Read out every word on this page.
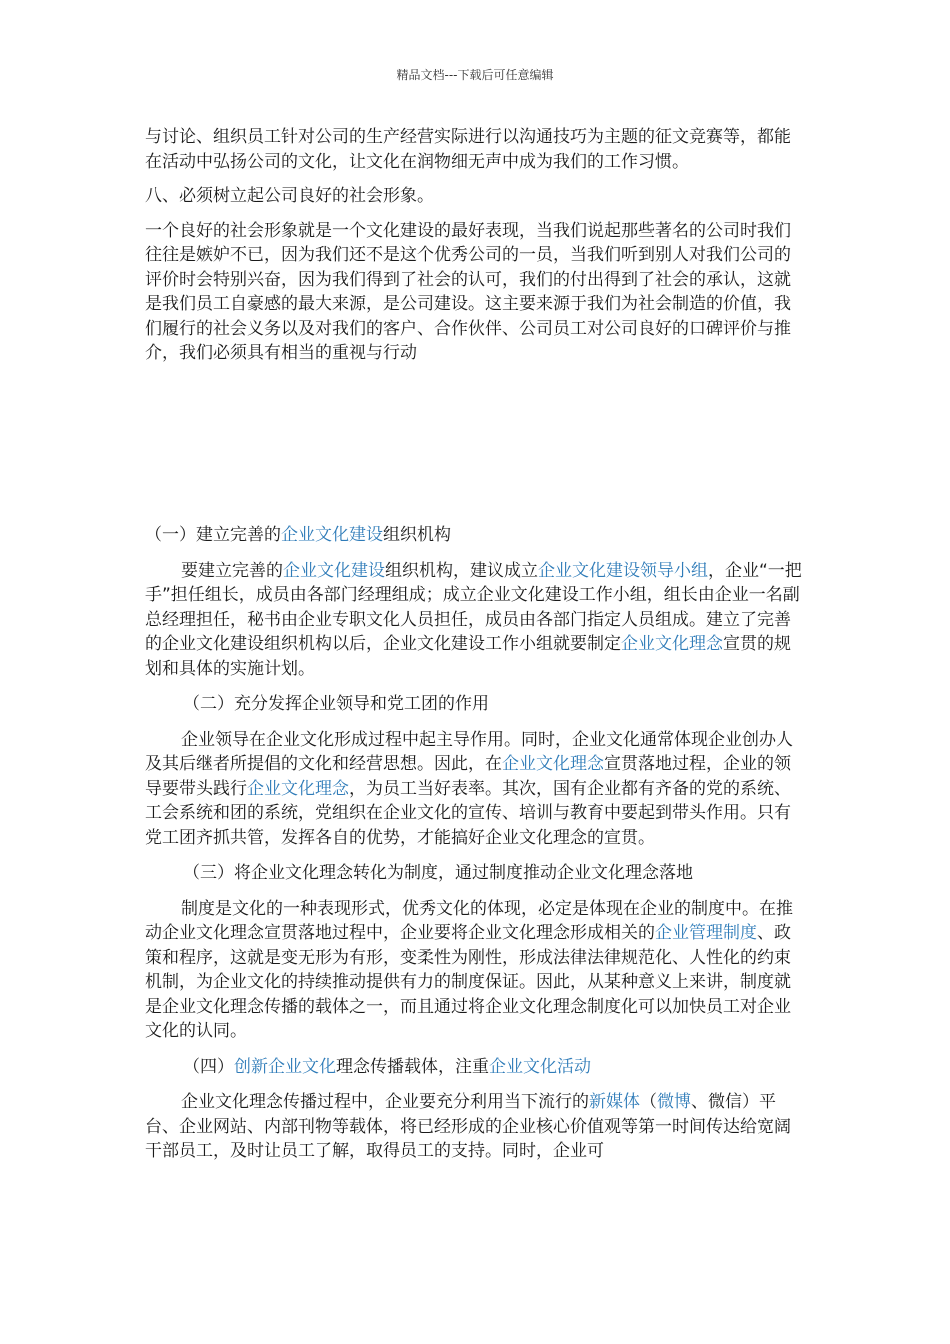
精品文档---下载后可任意编辑

与讨论、组织员工针对公司的生产经营实际进行以沟通技巧为主题的征文竞赛等，都能在活动中弘扬公司的文化，让文化在润物细无声中成为我们的工作习惯。

八、必须树立起公司良好的社会形象。

一个良好的社会形象就是一个文化建设的最好表现，当我们说起那些著名的公司时我们往往是嫉妒不已，因为我们还不是这个优秀公司的一员，当我们听到别人对我们公司的评价时会特别兴奋，因为我们得到了社会的认可，我们的付出得到了社会的承认，这就是我们员工自豪感的最大来源，是公司建设。这主要来源于我们为社会制造的价值，我们履行的社会义务以及对我们的客户、合作伙伴、公司员工对公司良好的口碑评价与推介，我们必须具有相当的重视与行动

（一）建立完善的企业文化建设组织机构

要建立完善的企业文化建设组织机构，建议成立企业文化建设领导小组，企业“一把手”担任组长，成员由各部门经理组成；成立企业文化建设工作小组，组长由企业一名副总经理担任，秘书由企业专职文化人员担任，成员由各部门指定人员组成。建立了完善的企业文化建设组织机构以后，企业文化建设工作小组就要制定企业文化理念宣贯的规划和具体的实施计划。

（二）充分发挥企业领导和党工团的作用

企业领导在企业文化形成过程中起主导作用。同时，企业文化通常体现企业创办人及其后继者所提倡的文化和经营思想。因此，在企业文化理念宣贯落地过程，企业的领导要带头践行企业文化理念，为员工当好表率。其次，国有企业都有齐备的党的系统、工会系统和团的系统，党组织在企业文化的宣传、培训与教育中要起到带头作用。只有党工团齐抓共管，发挥各自的优势，才能搞好企业文化理念的宣贯。

（三）将企业文化理念转化为制度，通过制度推动企业文化理念落地

制度是文化的一种表现形式，优秀文化的体现，必定是体现在企业的制度中。在推动企业文化理念宣贯落地过程中，企业要将企业文化理念形成相关的企业管理制度、政策和程序，这就是变无形为有形，变柔性为刚性，形成法律法律规范化、人性化的约束机制，为企业文化的持续推动提供有力的制度保证。因此，从某种意义上来讲，制度就是企业文化理念传播的载体之一，而且通过将企业文化理念制度化可以加快员工对企业文化的认同。

（四）创新企业文化理念传播载体，注重企业文化活动

企业文化理念传播过程中，企业要充分利用当下流行的新媒体（微博、微信）平台、企业网站、内部刊物等载体，将已经形成的企业核心价值观等第一时间传达给宽阔干部员工，及时让员工了解，取得员工的支持。同时，企业可
